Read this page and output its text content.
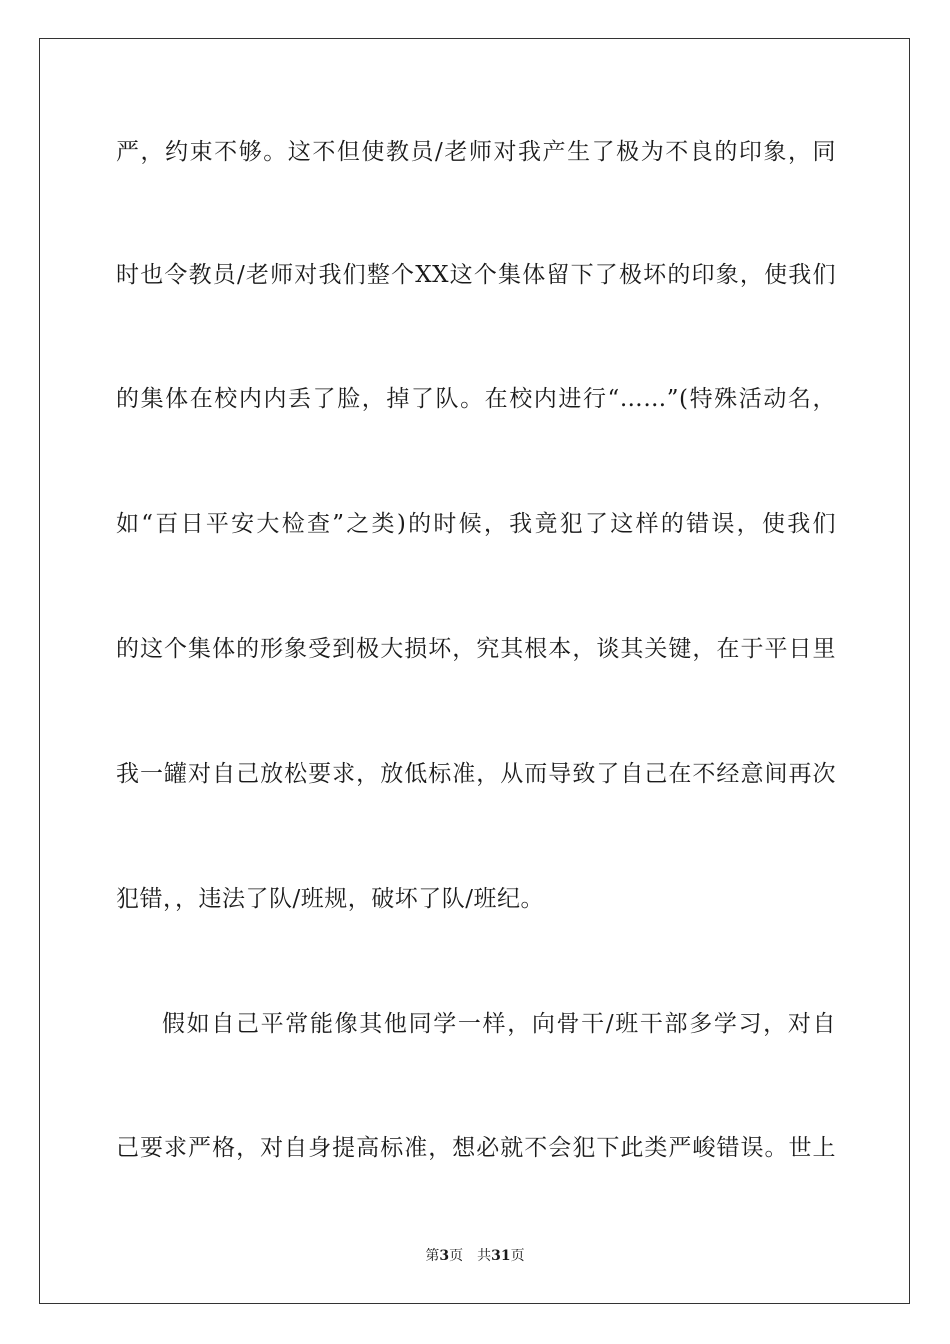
严，约束不够。这不但使教员/老师对我产生了极为不良的印象，同

时也令教员/老师对我们整个XX这个集体留下了极坏的印象，使我们

的集体在校内内丢了脸，掉了队。在校内进行“……”(特殊活动名，

如“百日平安大检查”之类)的时候，我竟犯了这样的错误，使我们

的这个集体的形象受到极大损坏，究其根本，谈其关键，在于平日里

我一罐对自己放松要求，放低标准，从而导致了自己在不经意间再次

犯错，，违法了队/班规，破坏了队/班纪。

假如自己平常能像其他同学一样，向骨干/班干部多学习，对自

己要求严格，对自身提高标准，想必就不会犯下此类严峻错误。世上

第3页　共31页
